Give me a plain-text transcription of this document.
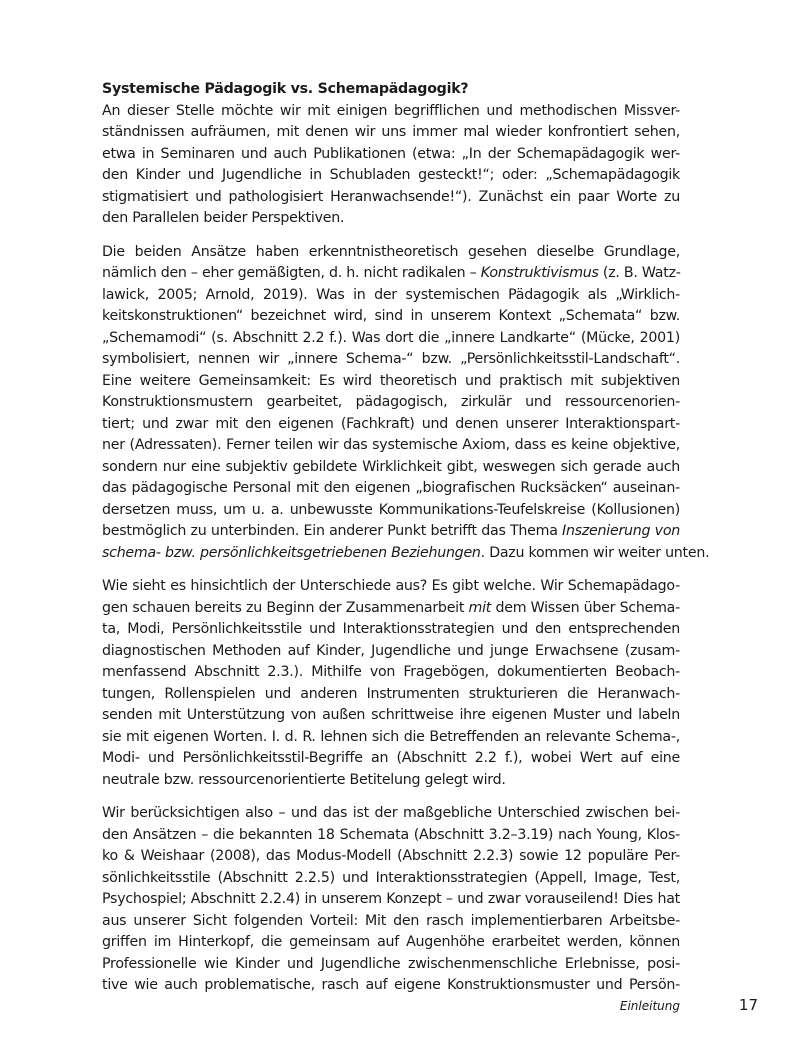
Systemische Pädagogik vs. Schemapädagogik?
An dieser Stelle möchte wir mit einigen begrifflichen und methodischen Missver-
ständnissen aufräumen, mit denen wir uns immer mal wieder konfrontiert sehen,
etwa in Seminaren und auch Publikationen (etwa: „In der Schemapädagogik wer-
den Kinder und Jugendliche in Schubladen gesteckt!“; oder: „Schemapädagogik
stigmatisiert und pathologisiert Heranwachsende!“). Zunächst ein paar Worte zu
den Parallelen beider Perspektiven.
Die beiden Ansätze haben erkenntnistheoretisch gesehen dieselbe Grundlage,
nämlich den – eher gemäßigten, d. h. nicht radikalen – Konstruktivismus (z. B. Watz-
lawick, 2005; Arnold, 2019). Was in der systemischen Pädagogik als „Wirklich-
keitskonstruktionen“ bezeichnet wird, sind in unserem Kontext „Schemata“ bzw.
„Schemamodi“ (s. Abschnitt 2.2 f.). Was dort die „innere Landkarte“ (Mücke, 2001)
symbolisiert, nennen wir „innere Schema-“ bzw. „Persönlichkeitsstil-Landschaft“.
Eine weitere Gemeinsamkeit: Es wird theoretisch und praktisch mit subjektiven
Konstruktionsmustern gearbeitet, pädagogisch, zirkulär und ressourcenorien-
tiert; und zwar mit den eigenen (Fachkraft) und denen unserer Interaktionspart-
ner (Adressaten). Ferner teilen wir das systemische Axiom, dass es keine objektive,
sondern nur eine subjektiv gebildete Wirklichkeit gibt, weswegen sich gerade auch
das pädagogische Personal mit den eigenen „biografischen Rucksäcken“ auseinan-
dersetzen muss, um u. a. unbewusste Kommunikations-Teufelskreise (Kollusionen)
bestmöglich zu unterbinden. Ein anderer Punkt betrifft das Thema Inszenierung von
schema- bzw. persönlichkeitsgetriebenen Beziehungen. Dazu kommen wir weiter unten.
Wie sieht es hinsichtlich der Unterschiede aus? Es gibt welche. Wir Schemapädago-
gen schauen bereits zu Beginn der Zusammenarbeit mit dem Wissen über Schema-
ta, Modi, Persönlichkeitsstile und Interaktionsstrategien und den entsprechenden
diagnostischen Methoden auf Kinder, Jugendliche und junge Erwachsene (zusam-
menfassend Abschnitt 2.3.). Mithilfe von Fragebögen, dokumentierten Beobach-
tungen, Rollenspielen und anderen Instrumenten strukturieren die Heranwach-
senden mit Unterstützung von außen schrittweise ihre eigenen Muster und labeln
sie mit eigenen Worten. I. d. R. lehnen sich die Betreffenden an relevante Schema-,
Modi- und Persönlichkeitsstil-Begriffe an (Abschnitt 2.2 f.), wobei Wert auf eine
neutrale bzw. ressourcenorientierte Betitelung gelegt wird.
Wir berücksichtigen also – und das ist der maßgebliche Unterschied zwischen bei-
den Ansätzen – die bekannten 18 Schemata (Abschnitt 3.2–3.19) nach Young, Klos-
ko & Weishaar (2008), das Modus-Modell (Abschnitt 2.2.3) sowie 12 populäre Per-
sönlichkeitsstile (Abschnitt 2.2.5) und Interaktionsstrategien (Appell, Image, Test,
Psychospiel; Abschnitt 2.2.4) in unserem Konzept – und zwar vorauseilend! Dies hat
aus unserer Sicht folgenden Vorteil: Mit den rasch implementierbaren Arbeitsbe-
griffen im Hinterkopf, die gemeinsam auf Augenhöhe erarbeitet werden, können
Professionelle wie Kinder und Jugendliche zwischenmenschliche Erlebnisse, posi-
tive wie auch problematische, rasch auf eigene Konstruktionsmuster und Persön-
Einleitung	17
